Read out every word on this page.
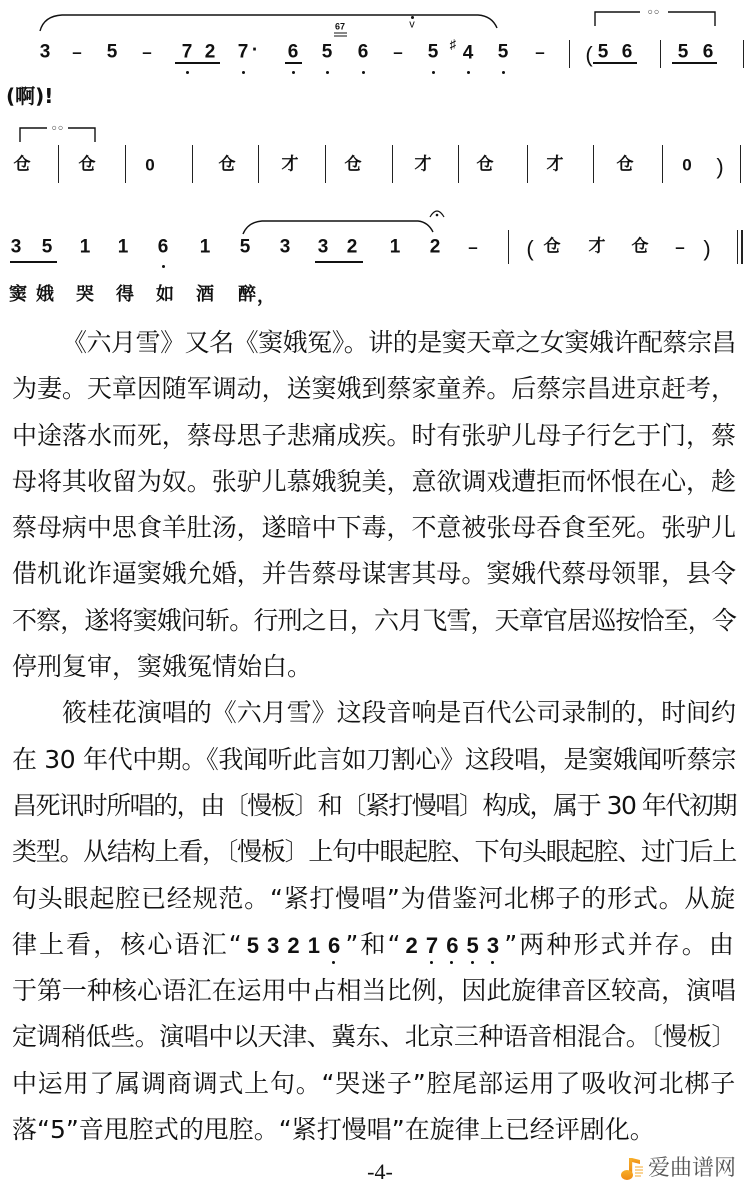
3 – 5 – 7 2 7 · 6 5
67
6 –
v
5 ♯ 4 5 – ( 5 6 5 6
○○
(啊)!
○○
仓	仓	0	仓	才	仓	才	仓	才	仓	0 )
3 5 1 1 6 1 5 3 3 2 1 2 – ( 仓 才 仓 – )
窦 娥 哭 得 如 酒 醉 ，
《六月雪》又名《窦娥冤》。讲的是窦天章之女窦娥许配蔡宗昌
为妻。天章因随军调动，送窦娥到蔡家童养。后蔡宗昌进京赶考，
中途落水而死，蔡母思子悲痛成疾。时有张驴儿母子行乞于门，蔡
母将其收留为奴。张驴儿慕娥貌美，意欲调戏遭拒而怀恨在心，趁
蔡母病中思食羊肚汤，遂暗中下毒，不意被张母吞食至死。张驴儿
借机讹诈逼窦娥允婚，并告蔡母谋害其母。窦娥代蔡母领罪，县令
不察，遂将窦娥问斩。行刑之日，六月飞雪，天章官居巡按恰至，令
停刑复审，窦娥冤情始白。
筱桂花演唱的《六月雪》这段音响是百代公司录制的，时间约
在 30 年代中期。《我闻听此言如刀割心》这段唱，是窦娥闻听蔡宗
昌死讯时所唱的，由〔慢板〕和〔紧打慢唱〕构成，属于 30 年代初期
类型。从结构上看，〔慢板〕上句中眼起腔、下句头眼起腔、过门后上
句头眼起腔已经规范。“紧打慢唱”为借鉴河北梆子的形式。从旋
律上看，核心语汇“ 5 3 2 1 6 ”和“ 2 7 6 5 3 ”两种形式并存。由
于第一种核心语汇在运用中占相当比例，因此旋律音区较高，演唱
定调稍低些。演唱中以天津、冀东、北京三种语音相混合。〔慢板〕
中运用了属调商调式上句。“哭迷子”腔尾部运用了吸收河北梆子
落“5”音甩腔式的甩腔。“紧打慢唱”在旋律上已经评剧化。
-4-	爱曲谱网
